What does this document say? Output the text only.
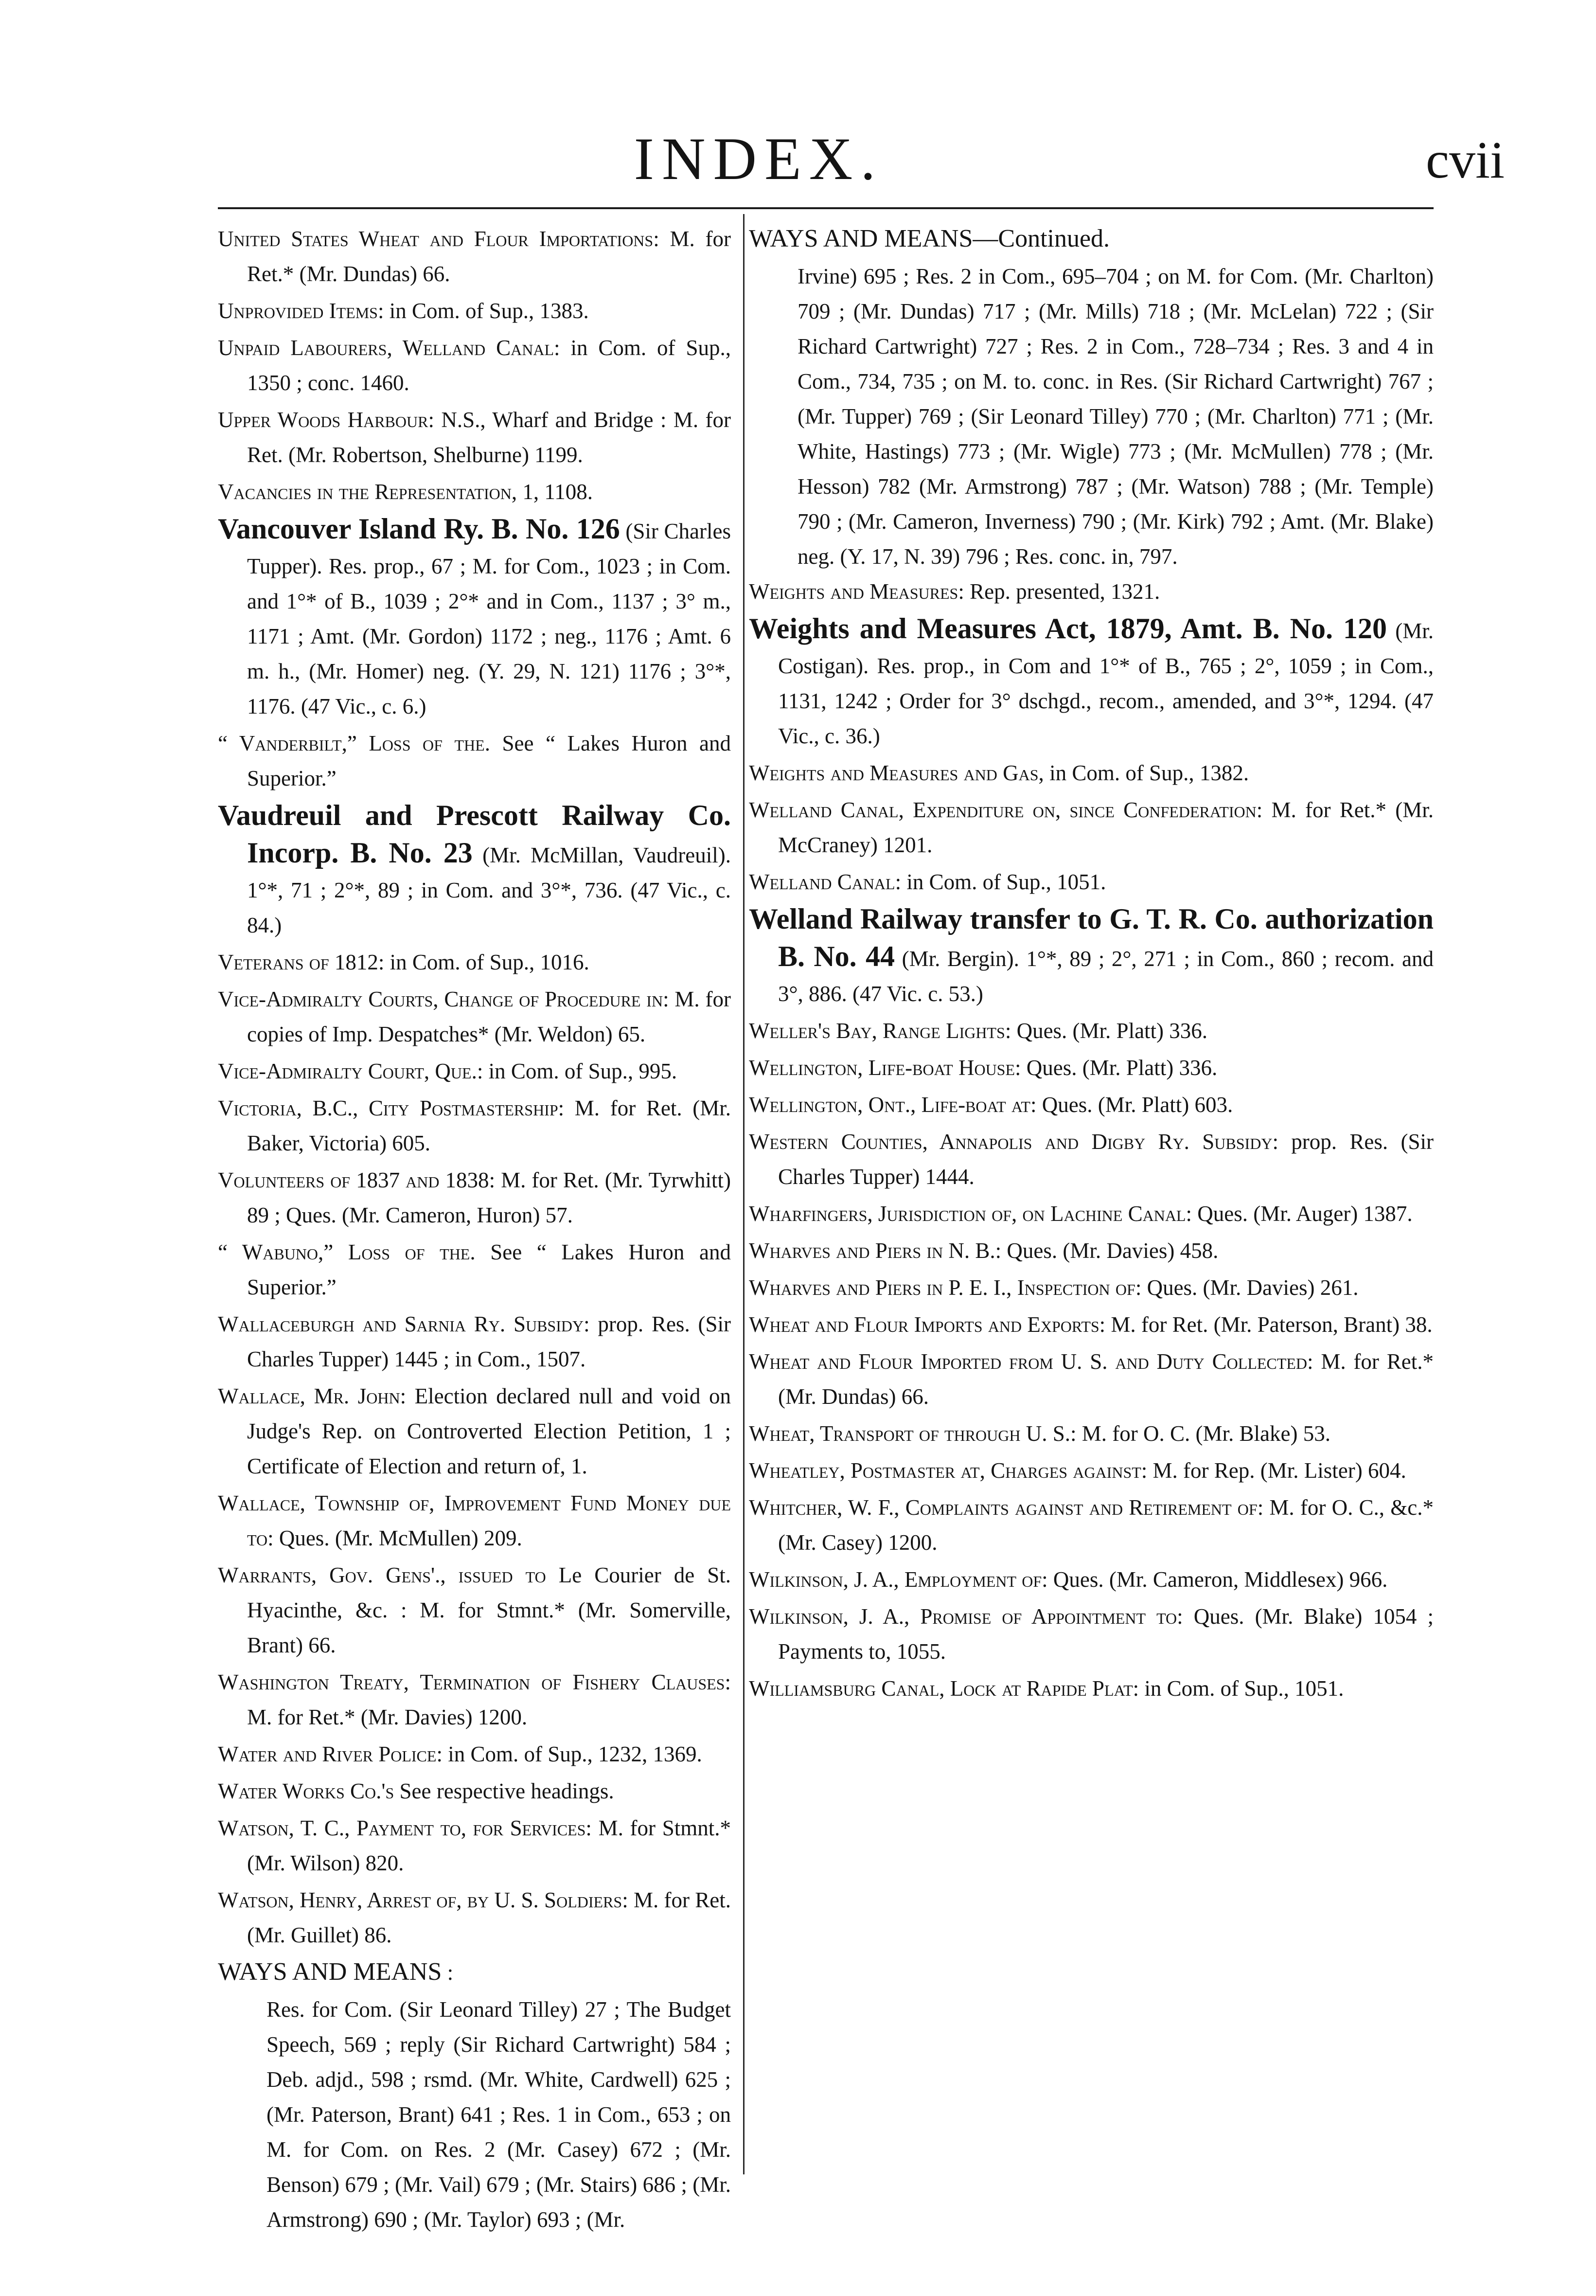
INDEX.	cvii
United States Wheat and Flour Importations: M. for Ret.* (Mr. Dundas) 66.
Unprovided Items: in Com. of Sup., 1383.
Unpaid Labourers, Welland Canal: in Com. of Sup., 1350 ; conc. 1460.
Upper Woods Harbour: N.S., Wharf and Bridge : M. for Ret. (Mr. Robertson, Shelburne) 1199.
Vacancies in the Representation, 1, 1108.
Vancouver Island Ry. B. No. 126 (Sir Charles Tupper). Res. prop., 67 ; M. for Com., 1023 ; in Com. and 1°* of B., 1039 ; 2°* and in Com., 1137 ; 3° m., 1171 ; Amt. (Mr. Gordon) 1172 ; neg., 1176 ; Amt. 6 m. h., (Mr. Homer) neg. (Y. 29, N. 121) 1176 ; 3°*, 1176. (47 Vic., c. 6.)
“ Vanderbilt,” Loss of the. See “ Lakes Huron and Superior.”
Vaudreuil and Prescott Railway Co. Incorp. B. No. 23 (Mr. McMillan, Vaudreuil). 1°*, 71 ; 2°*, 89 ; in Com. and 3°*, 736. (47 Vic., c. 84.)
Veterans of 1812: in Com. of Sup., 1016.
Vice-Admiralty Courts, Change of Procedure in: M. for copies of Imp. Despatches* (Mr. Weldon) 65.
Vice-Admiralty Court, Que.: in Com. of Sup., 995.
Victoria, B.C., City Postmastership: M. for Ret. (Mr. Baker, Victoria) 605.
Volunteers of 1837 and 1838: M. for Ret. (Mr. Tyrwhitt) 89 ; Ques. (Mr. Cameron, Huron) 57.
“ Wabuno,” Loss of the. See “ Lakes Huron and Superior.”
Wallaceburgh and Sarnia Ry. Subsidy: prop. Res. (Sir Charles Tupper) 1445 ; in Com., 1507.
Wallace, Mr. John: Election declared null and void on Judge's Rep. on Controverted Election Petition, 1 ; Certificate of Election and return of, 1.
Wallace, Township of, Improvement Fund Money due to: Ques. (Mr. McMullen) 209.
Warrants, Gov. Gens'., issued to Le Courier de St. Hyacinthe, &c. : M. for Stmnt.* (Mr. Somerville, Brant) 66.
Washington Treaty, Termination of Fishery Clauses: M. for Ret.* (Mr. Davies) 1200.
Water and River Police: in Com. of Sup., 1232, 1369.
Water Works Co.'s See respective headings.
Watson, T. C., Payment to, for Services: M. for Stmnt.* (Mr. Wilson) 820.
Watson, Henry, Arrest of, by U. S. Soldiers: M. for Ret. (Mr. Guillet) 86.
WAYS AND MEANS :
Res. for Com. (Sir Leonard Tilley) 27 ; The Budget Speech, 569 ; reply (Sir Richard Cartwright) 584 ; Deb. adjd., 598 ; rsmd. (Mr. White, Cardwell) 625 ; (Mr. Paterson, Brant) 641 ; Res. 1 in Com., 653 ; on M. for Com. on Res. 2 (Mr. Casey) 672 ; (Mr. Benson) 679 ; (Mr. Vail) 679 ; (Mr. Stairs) 686 ; (Mr. Armstrong) 690 ; (Mr. Taylor) 693 ; (Mr.
WAYS AND MEANS—Continued.
Irvine) 695 ; Res. 2 in Com., 695–704 ; on M. for Com. (Mr. Charlton) 709 ; (Mr. Dundas) 717 ; (Mr. Mills) 718 ; (Mr. McLelan) 722 ; (Sir Richard Cartwright) 727 ; Res. 2 in Com., 728–734 ; Res. 3 and 4 in Com., 734, 735 ; on M. to. conc. in Res. (Sir Richard Cartwright) 767 ; (Mr. Tupper) 769 ; (Sir Leonard Tilley) 770 ; (Mr. Charlton) 771 ; (Mr. White, Hastings) 773 ; (Mr. Wigle) 773 ; (Mr. McMullen) 778 ; (Mr. Hesson) 782 (Mr. Armstrong) 787 ; (Mr. Watson) 788 ; (Mr. Temple) 790 ; (Mr. Cameron, Inverness) 790 ; (Mr. Kirk) 792 ; Amt. (Mr. Blake) neg. (Y. 17, N. 39) 796 ; Res. conc. in, 797.
Weights and Measures: Rep. presented, 1321.
Weights and Measures Act, 1879, Amt. B. No. 120 (Mr. Costigan). Res. prop., in Com and 1°* of B., 765 ; 2°, 1059 ; in Com., 1131, 1242 ; Order for 3° dschgd., recom., amended, and 3°*, 1294. (47 Vic., c. 36.)
Weights and Measures and Gas, in Com. of Sup., 1382.
Welland Canal, Expenditure on, since Confederation: M. for Ret.* (Mr. McCraney) 1201.
Welland Canal: in Com. of Sup., 1051.
Welland Railway transfer to G. T. R. Co. authorization B. No. 44 (Mr. Bergin). 1°*, 89 ; 2°, 271 ; in Com., 860 ; recom. and 3°, 886. (47 Vic. c. 53.)
Weller's Bay, Range Lights: Ques. (Mr. Platt) 336.
Wellington, Life-boat House: Ques. (Mr. Platt) 336.
Wellington, Ont., Life-boat at: Ques. (Mr. Platt) 603.
Western Counties, Annapolis and Digby Ry. Subsidy: prop. Res. (Sir Charles Tupper) 1444.
Wharfingers, Jurisdiction of, on Lachine Canal: Ques. (Mr. Auger) 1387.
Wharves and Piers in N. B.: Ques. (Mr. Davies) 458.
Wharves and Piers in P. E. I., Inspection of: Ques. (Mr. Davies) 261.
Wheat and Flour Imports and Exports: M. for Ret. (Mr. Paterson, Brant) 38.
Wheat and Flour Imported from U. S. and Duty Collected: M. for Ret.* (Mr. Dundas) 66.
Wheat, Transport of through U. S.: M. for O. C. (Mr. Blake) 53.
Wheatley, Postmaster at, Charges against: M. for Rep. (Mr. Lister) 604.
Whitcher, W. F., Complaints against and Retirement of: M. for O. C., &c.* (Mr. Casey) 1200.
Wilkinson, J. A., Employment of: Ques. (Mr. Cameron, Middlesex) 966.
Wilkinson, J. A., Promise of Appointment to: Ques. (Mr. Blake) 1054 ; Payments to, 1055.
Williamsburg Canal, Lock at Rapide Plat: in Com. of Sup., 1051.
